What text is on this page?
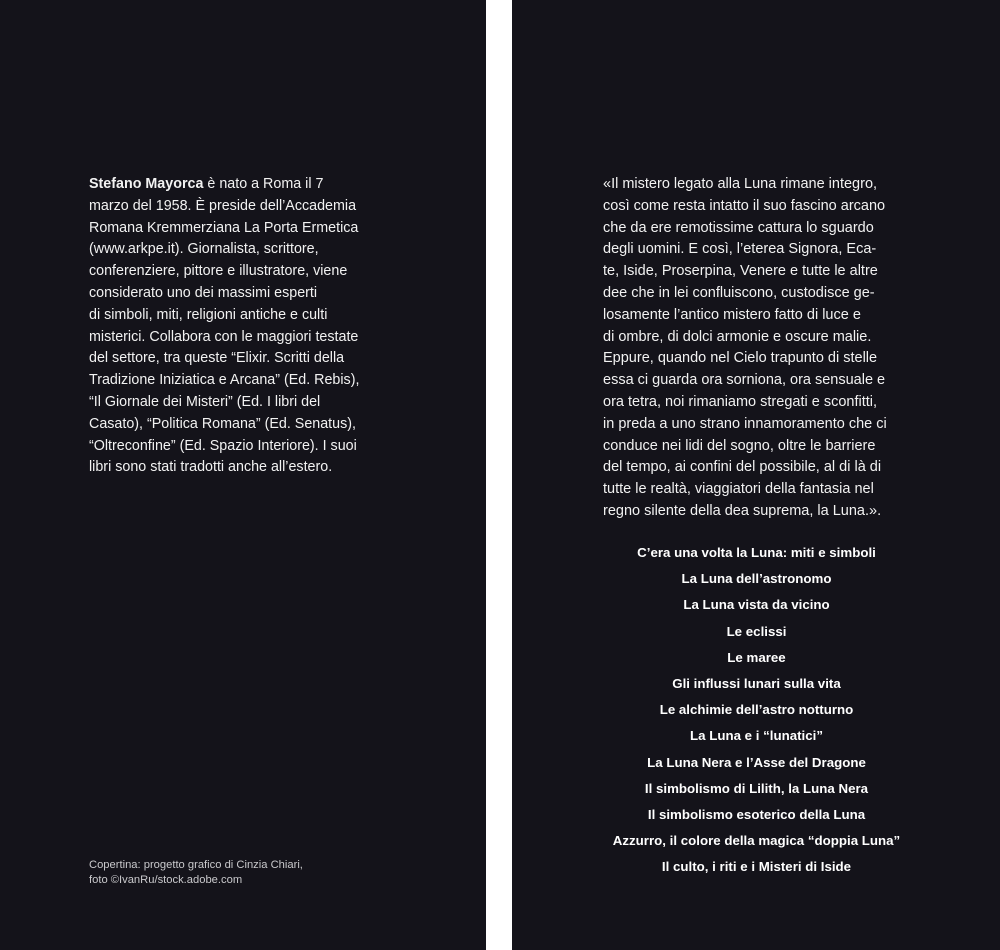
Stefano Mayorca è nato a Roma il 7
marzo del 1958. È preside dell’Accademia
Romana Kremmerziana La Porta Ermetica
(www.arkpe.it). Giornalista, scrittore,
conferenziere, pittore e illustratore, viene
considerato uno dei massimi esperti
di simboli, miti, religioni antiche e culti
misterici. Collabora con le maggiori testate
del settore, tra queste “Elixir. Scritti della
Tradizione Iniziatica e Arcana” (Ed. Rebis),
“Il Giornale dei Misteri” (Ed. I libri del
Casato), “Politica Romana” (Ed. Senatus),
“Oltreconfine” (Ed. Spazio Interiore). I suoi
libri sono stati tradotti anche all’estero.
Copertina: progetto grafico di Cinzia Chiari,
foto ©IvanRu/stock.adobe.com
«Il mistero legato alla Luna rimane integro,
così come resta intatto il suo fascino arcano
che da ere remotissime cattura lo sguardo
degli uomini. E così, l’eterea Signora, Eca-
te, Iside, Proserpina, Venere e tutte le altre
dee che in lei confluiscono, custodisce ge-
losamente l’antico mistero fatto di luce e
di ombre, di dolci armonie e oscure malie.
Eppure, quando nel Cielo trapunto di stelle
essa ci guarda ora sorniona, ora sensuale e
ora tetra, noi rimaniamo stregati e sconfitti,
in preda a uno strano innamoramento che ci
conduce nei lidi del sogno, oltre le barriere
del tempo, ai confini del possibile, al di là di
tutte le realtà, viaggiatori della fantasia nel
regno silente della dea suprema, la Luna.».
C’era una volta la Luna: miti e simboli
La Luna dell’astronomo
La Luna vista da vicino
Le eclissi
Le maree
Gli influssi lunari sulla vita
Le alchimie dell’astro notturno
La Luna e i “lunatici”
La Luna Nera e l’Asse del Dragone
Il simbolismo di Lilith, la Luna Nera
Il simbolismo esoterico della Luna
Azzurro, il colore della magica “doppia Luna”
Il culto, i riti e i Misteri di Iside
